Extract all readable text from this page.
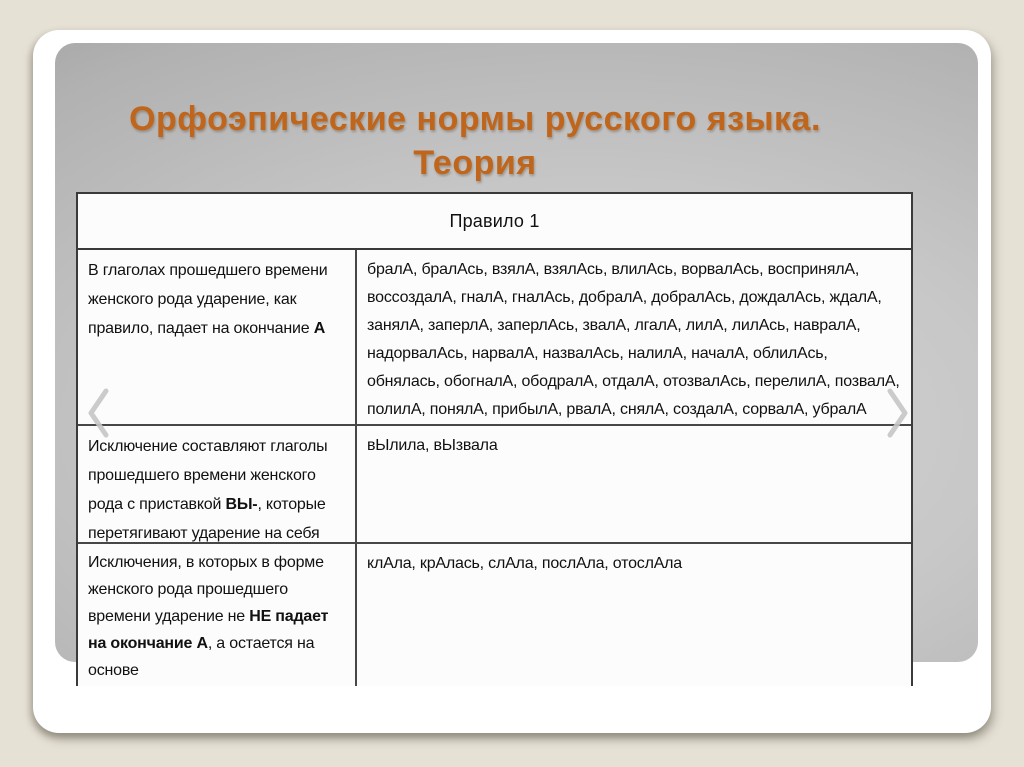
Орфоэпические нормы русского языка.
Теория
Правило 1
В глаголах прошедшего времени женского рода ударение, как правило, падает на окончание А
бралА, бралАсь, взялА, взялАсь, влилАсь, ворвалАсь, воспринялА, воссоздалА, гналА, гналАсь, добралА, добралАсь, дождалАсь, ждалА, занялА, заперлА, заперлАсь, звалА, лгалА, лилА, лилАсь, навралА, надорвалАсь, нарвалА, назвалАсь, налилА, началА, облилАсь, обнялась, обогналА, ободралА, отдалА, отозвалАсь, перелилА, позвалА, полилА, понялА, прибылА, рвалА, снялА, создалА, сорвалА, убралА
Исключение составляют глаголы прошедшего времени женского рода с приставкой ВЫ-, которые перетягивают ударение на себя
вЫлила, вЫзвала
Исключения, в которых в форме женского рода прошедшего времени ударение не НЕ падает на окончание А, а остается на основе
клАла, крАлась, слАла, послАла, отослАла
